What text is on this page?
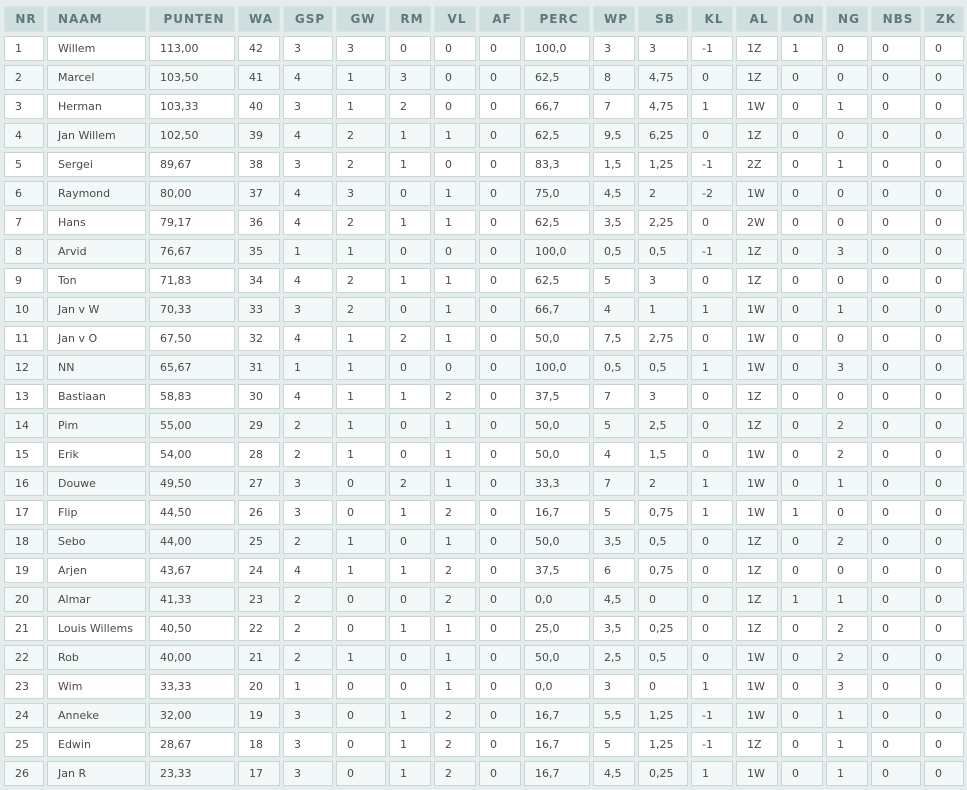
NR	NAAM	PUNTEN	WA	GSP	GW	RM	VL	AF	PERC	WP	SB	KL	AL	ON	NG	NBS	ZK
1	Willem	113,00	42	3	3	0	0	0	100,0	3	3	-1	1Z	1	0	0	0
2	Marcel	103,50	41	4	1	3	0	0	62,5	8	4,75	0	1Z	0	0	0	0
3	Herman	103,33	40	3	1	2	0	0	66,7	7	4,75	1	1W	0	1	0	0
4	Jan Willem	102,50	39	4	2	1	1	0	62,5	9,5	6,25	0	1Z	0	0	0	0
5	Sergei	89,67	38	3	2	1	0	0	83,3	1,5	1,25	-1	2Z	0	1	0	0
6	Raymond	80,00	37	4	3	0	1	0	75,0	4,5	2	-2	1W	0	0	0	0
7	Hans	79,17	36	4	2	1	1	0	62,5	3,5	2,25	0	2W	0	0	0	0
8	Arvid	76,67	35	1	1	0	0	0	100,0	0,5	0,5	-1	1Z	0	3	0	0
9	Ton	71,83	34	4	2	1	1	0	62,5	5	3	0	1Z	0	0	0	0
10	Jan v W	70,33	33	3	2	0	1	0	66,7	4	1	1	1W	0	1	0	0
11	Jan v O	67,50	32	4	1	2	1	0	50,0	7,5	2,75	0	1W	0	0	0	0
12	NN	65,67	31	1	1	0	0	0	100,0	0,5	0,5	1	1W	0	3	0	0
13	Bastiaan	58,83	30	4	1	1	2	0	37,5	7	3	0	1Z	0	0	0	0
14	Pim	55,00	29	2	1	0	1	0	50,0	5	2,5	0	1Z	0	2	0	0
15	Erik	54,00	28	2	1	0	1	0	50,0	4	1,5	0	1W	0	2	0	0
16	Douwe	49,50	27	3	0	2	1	0	33,3	7	2	1	1W	0	1	0	0
17	Flip	44,50	26	3	0	1	2	0	16,7	5	0,75	1	1W	1	0	0	0
18	Sebo	44,00	25	2	1	0	1	0	50,0	3,5	0,5	0	1Z	0	2	0	0
19	Arjen	43,67	24	4	1	1	2	0	37,5	6	0,75	0	1Z	0	0	0	0
20	Almar	41,33	23	2	0	0	2	0	0,0	4,5	0	0	1Z	1	1	0	0
21	Louis Willems	40,50	22	2	0	1	1	0	25,0	3,5	0,25	0	1Z	0	2	0	0
22	Rob	40,00	21	2	1	0	1	0	50,0	2,5	0,5	0	1W	0	2	0	0
23	Wim	33,33	20	1	0	0	1	0	0,0	3	0	1	1W	0	3	0	0
24	Anneke	32,00	19	3	0	1	2	0	16,7	5,5	1,25	-1	1W	0	1	0	0
25	Edwin	28,67	18	3	0	1	2	0	16,7	5	1,25	-1	1Z	0	1	0	0
26	Jan R	23,33	17	3	0	1	2	0	16,7	4,5	0,25	1	1W	0	1	0	0
